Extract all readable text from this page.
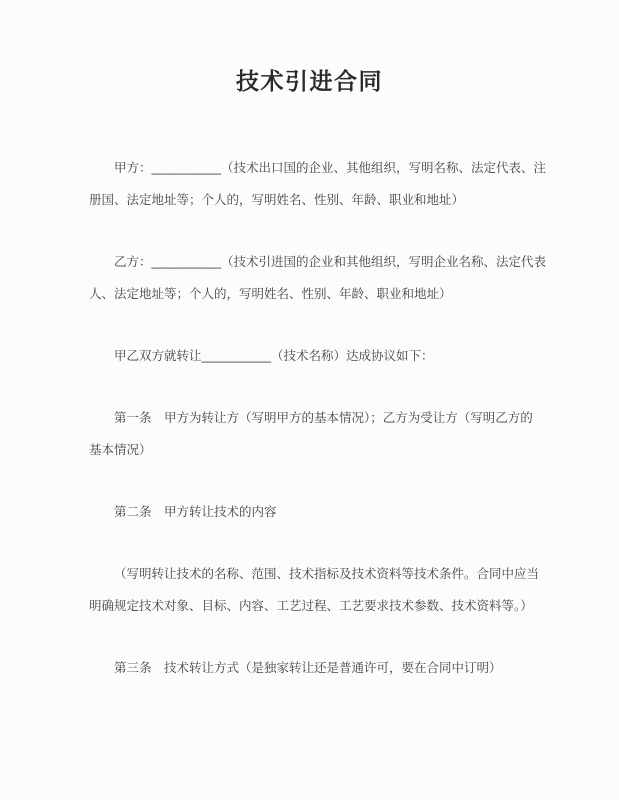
技术引进合同

甲方：__________（技术出口国的企业、其他组织，写明名称、法定代表、注
册国、法定地址等；个人的，写明姓名、性别、年龄、职业和地址）

乙方：__________（技术引进国的企业和其他组织，写明企业名称、法定代表
人、法定地址等；个人的，写明姓名、性别、年龄、职业和地址）

甲乙双方就转让__________（技术名称）达成协议如下：

第一条　甲方为转让方（写明甲方的基本情况）；乙方为受让方（写明乙方的
基本情况）

第二条　甲方转让技术的内容

（写明转让技术的名称、范围、技术指标及技术资料等技术条件。合同中应当
明确规定技术对象、目标、内容、工艺过程、工艺要求技术参数、技术资料等。）

第三条　技术转让方式（是独家转让还是普通许可，要在合同中订明）
